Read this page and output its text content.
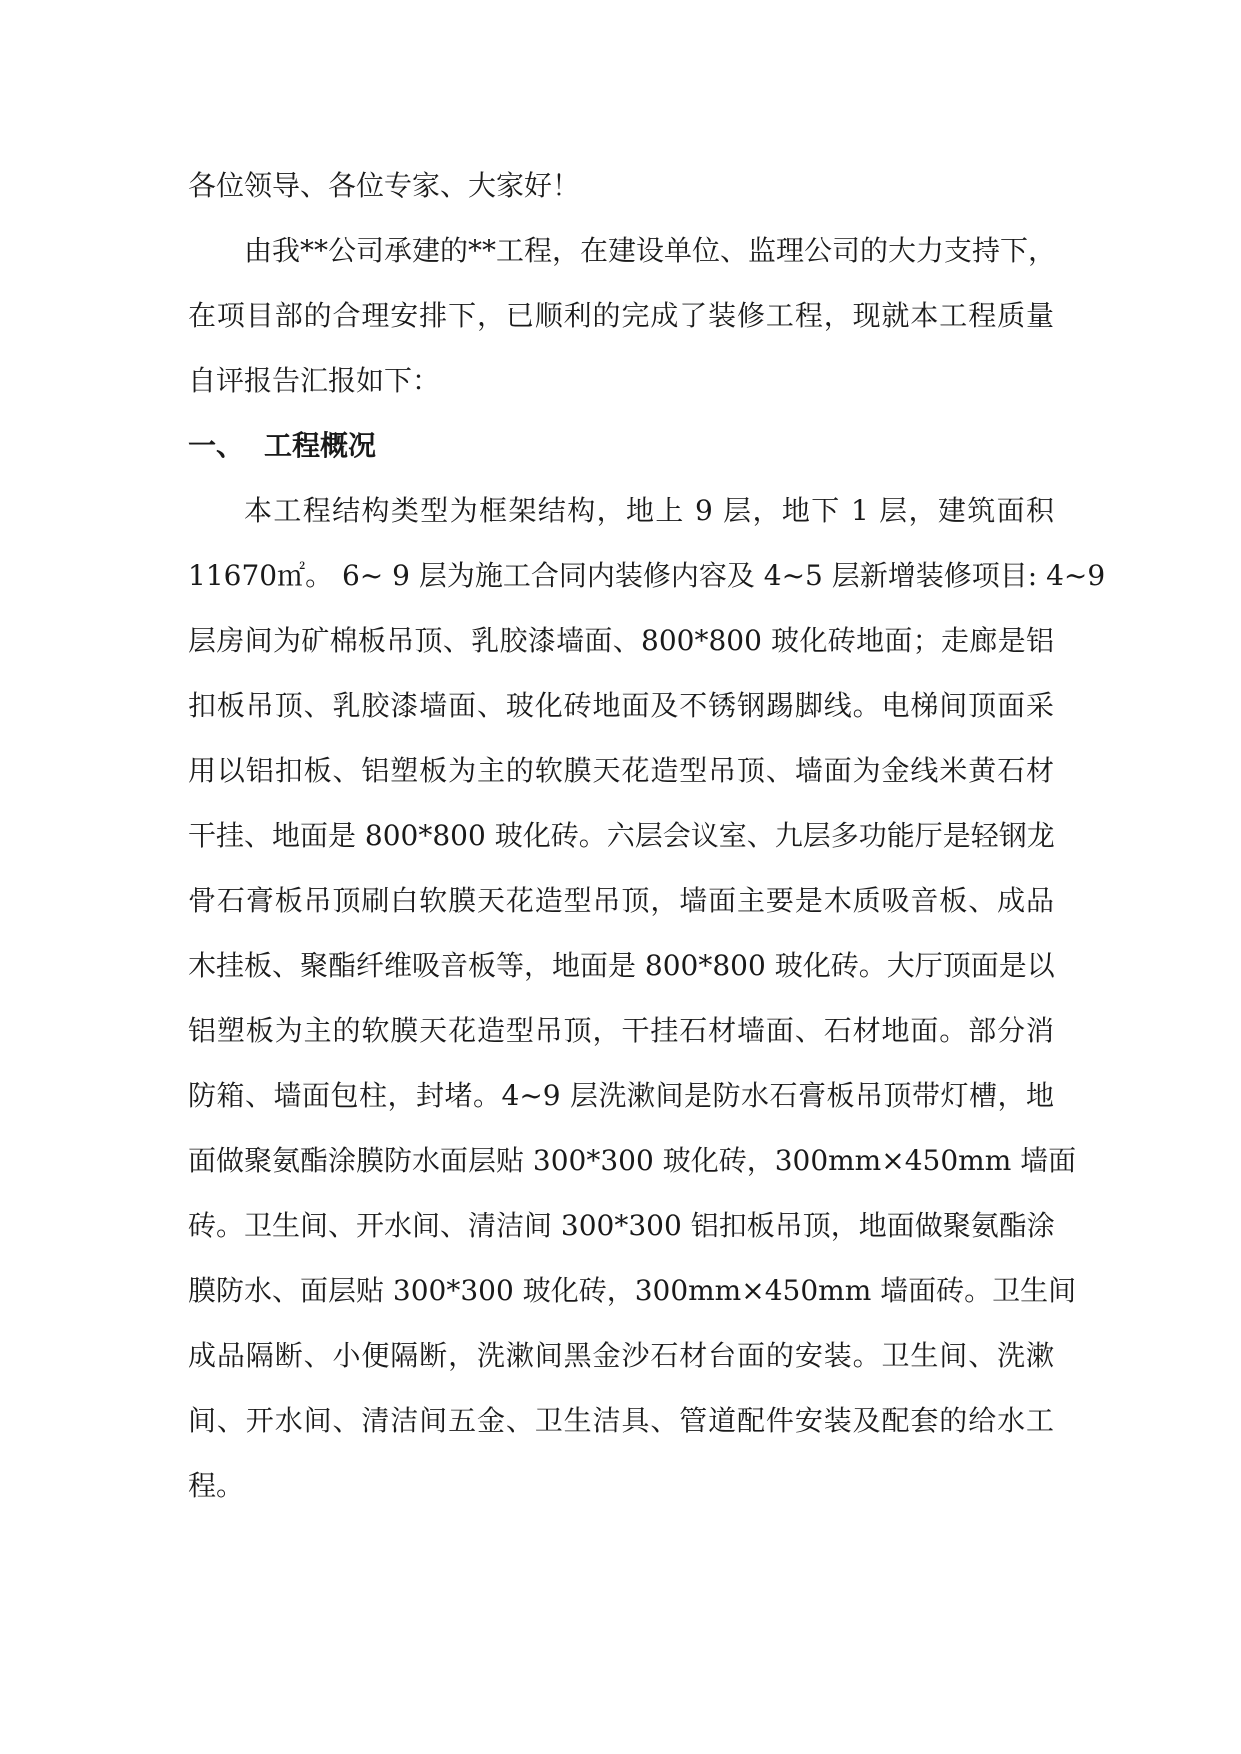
各位领导、各位专家、大家好！
由我**公司承建的**工程，在建设单位、监理公司的大力支持下，
在项目部的合理安排下，已顺利的完成了装修工程，现就本工程质量
自评报告汇报如下：
一、 工程概况
本工程结构类型为框架结构，地上 9 层，地下 1 层，建筑面积
11670㎡。 6~ 9 层为施工合同内装修内容及 4~5 层新增装修项目: 4~9
层房间为矿棉板吊顶、乳胶漆墙面、800*800 玻化砖地面；走廊是铝
扣板吊顶、乳胶漆墙面、玻化砖地面及不锈钢踢脚线。电梯间顶面采
用以铝扣板、铝塑板为主的软膜天花造型吊顶、墙面为金线米黄石材
干挂、地面是 800*800 玻化砖。六层会议室、九层多功能厅是轻钢龙
骨石膏板吊顶刷白软膜天花造型吊顶，墙面主要是木质吸音板、成品
木挂板、聚酯纤维吸音板等，地面是 800*800 玻化砖。大厅顶面是以
铝塑板为主的软膜天花造型吊顶，干挂石材墙面、石材地面。部分消
防箱、墙面包柱，封堵。4~9 层洗漱间是防水石膏板吊顶带灯槽，地
面做聚氨酯涂膜防水面层贴 300*300 玻化砖，300mm×450mm 墙面
砖。卫生间、开水间、清洁间 300*300 铝扣板吊顶，地面做聚氨酯涂
膜防水、面层贴 300*300 玻化砖，300mm×450mm 墙面砖。卫生间
成品隔断、小便隔断，洗漱间黑金沙石材台面的安装。卫生间、洗漱
间、开水间、清洁间五金、卫生洁具、管道配件安装及配套的给水工
程。
